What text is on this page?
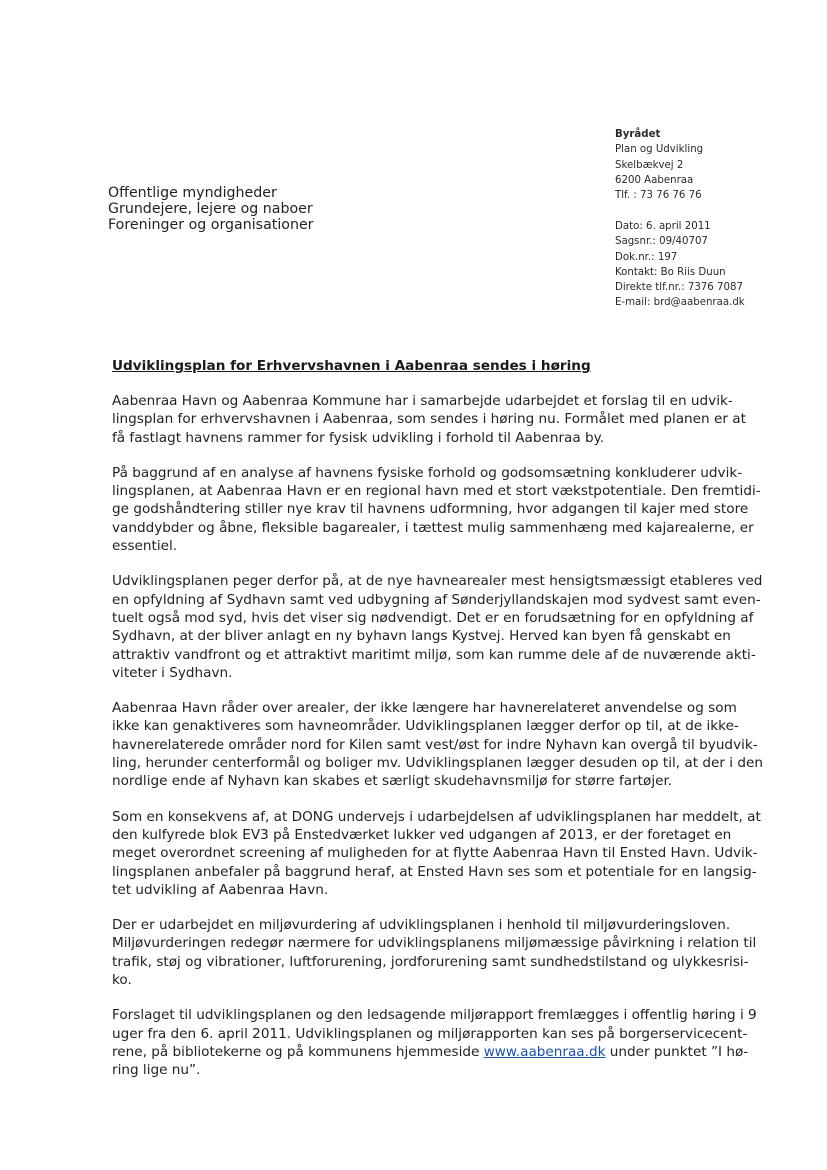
Byrådet
Plan og Udvikling
Skelbækvej 2
6200 Aabenraa
Tlf. : 73 76 76 76
Offentlige myndigheder
Grundejere, lejere og naboer
Foreninger og organisationer	Dato: 6. april 2011
Sagsnr.: 09/40707
Dok.nr.: 197
Kontakt: Bo Riis Duun
Direkte tlf.nr.: 7376 7087
E-mail: brd@aabenraa.dk
Udviklingsplan for Erhvervshavnen i Aabenraa sendes i høring
Aabenraa Havn og Aabenraa Kommune har i samarbejde udarbejdet et forslag til en udvik-
lingsplan for erhvervshavnen i Aabenraa, som sendes i høring nu. Formålet med planen er at
få fastlagt havnens rammer for fysisk udvikling i forhold til Aabenraa by.
På baggrund af en analyse af havnens fysiske forhold og godsomsætning konkluderer udvik-
lingsplanen, at Aabenraa Havn er en regional havn med et stort vækstpotentiale. Den fremtidi-
ge godshåndtering stiller nye krav til havnens udformning, hvor adgangen til kajer med store
vanddybder og åbne, fleksible bagarealer, i tættest mulig sammenhæng med kajarealerne, er
essentiel.
Udviklingsplanen peger derfor på, at de nye havnearealer mest hensigtsmæssigt etableres ved
en opfyldning af Sydhavn samt ved udbygning af Sønderjyllandskajen mod sydvest samt even-
tuelt også mod syd, hvis det viser sig nødvendigt. Det er en forudsætning for en opfyldning af
Sydhavn, at der bliver anlagt en ny byhavn langs Kystvej. Herved kan byen få genskabt en
attraktiv vandfront og et attraktivt maritimt miljø, som kan rumme dele af de nuværende akti-
viteter i Sydhavn.
Aabenraa Havn råder over arealer, der ikke længere har havnerelateret anvendelse og som
ikke kan genaktiveres som havneområder. Udviklingsplanen lægger derfor op til, at de ikke-
havnerelaterede områder nord for Kilen samt vest/øst for indre Nyhavn kan overgå til byudvik-
ling, herunder centerformål og boliger mv. Udviklingsplanen lægger desuden op til, at der i den
nordlige ende af Nyhavn kan skabes et særligt skudehavnsmiljø for større fartøjer.
Som en konsekvens af, at DONG undervejs i udarbejdelsen af udviklingsplanen har meddelt, at
den kulfyrede blok EV3 på Enstedværket lukker ved udgangen af 2013, er der foretaget en
meget overordnet screening af muligheden for at flytte Aabenraa Havn til Ensted Havn. Udvik-
lingsplanen anbefaler på baggrund heraf, at Ensted Havn ses som et potentiale for en langsig-
tet udvikling af Aabenraa Havn.
Der er udarbejdet en miljøvurdering af udviklingsplanen i henhold til miljøvurderingsloven.
Miljøvurderingen redegør nærmere for udviklingsplanens miljømæssige påvirkning i relation til
trafik, støj og vibrationer, luftforurening, jordforurening samt sundhedstilstand og ulykkesrisi-
ko.
Forslaget til udviklingsplanen og den ledsagende miljørapport fremlægges i offentlig høring i 9
uger fra den 6. april 2011. Udviklingsplanen og miljørapporten kan ses på borgerservicecent-
rene, på bibliotekerne og på kommunens hjemmeside www.aabenraa.dk under punktet ”I hø-
ring lige nu”.
